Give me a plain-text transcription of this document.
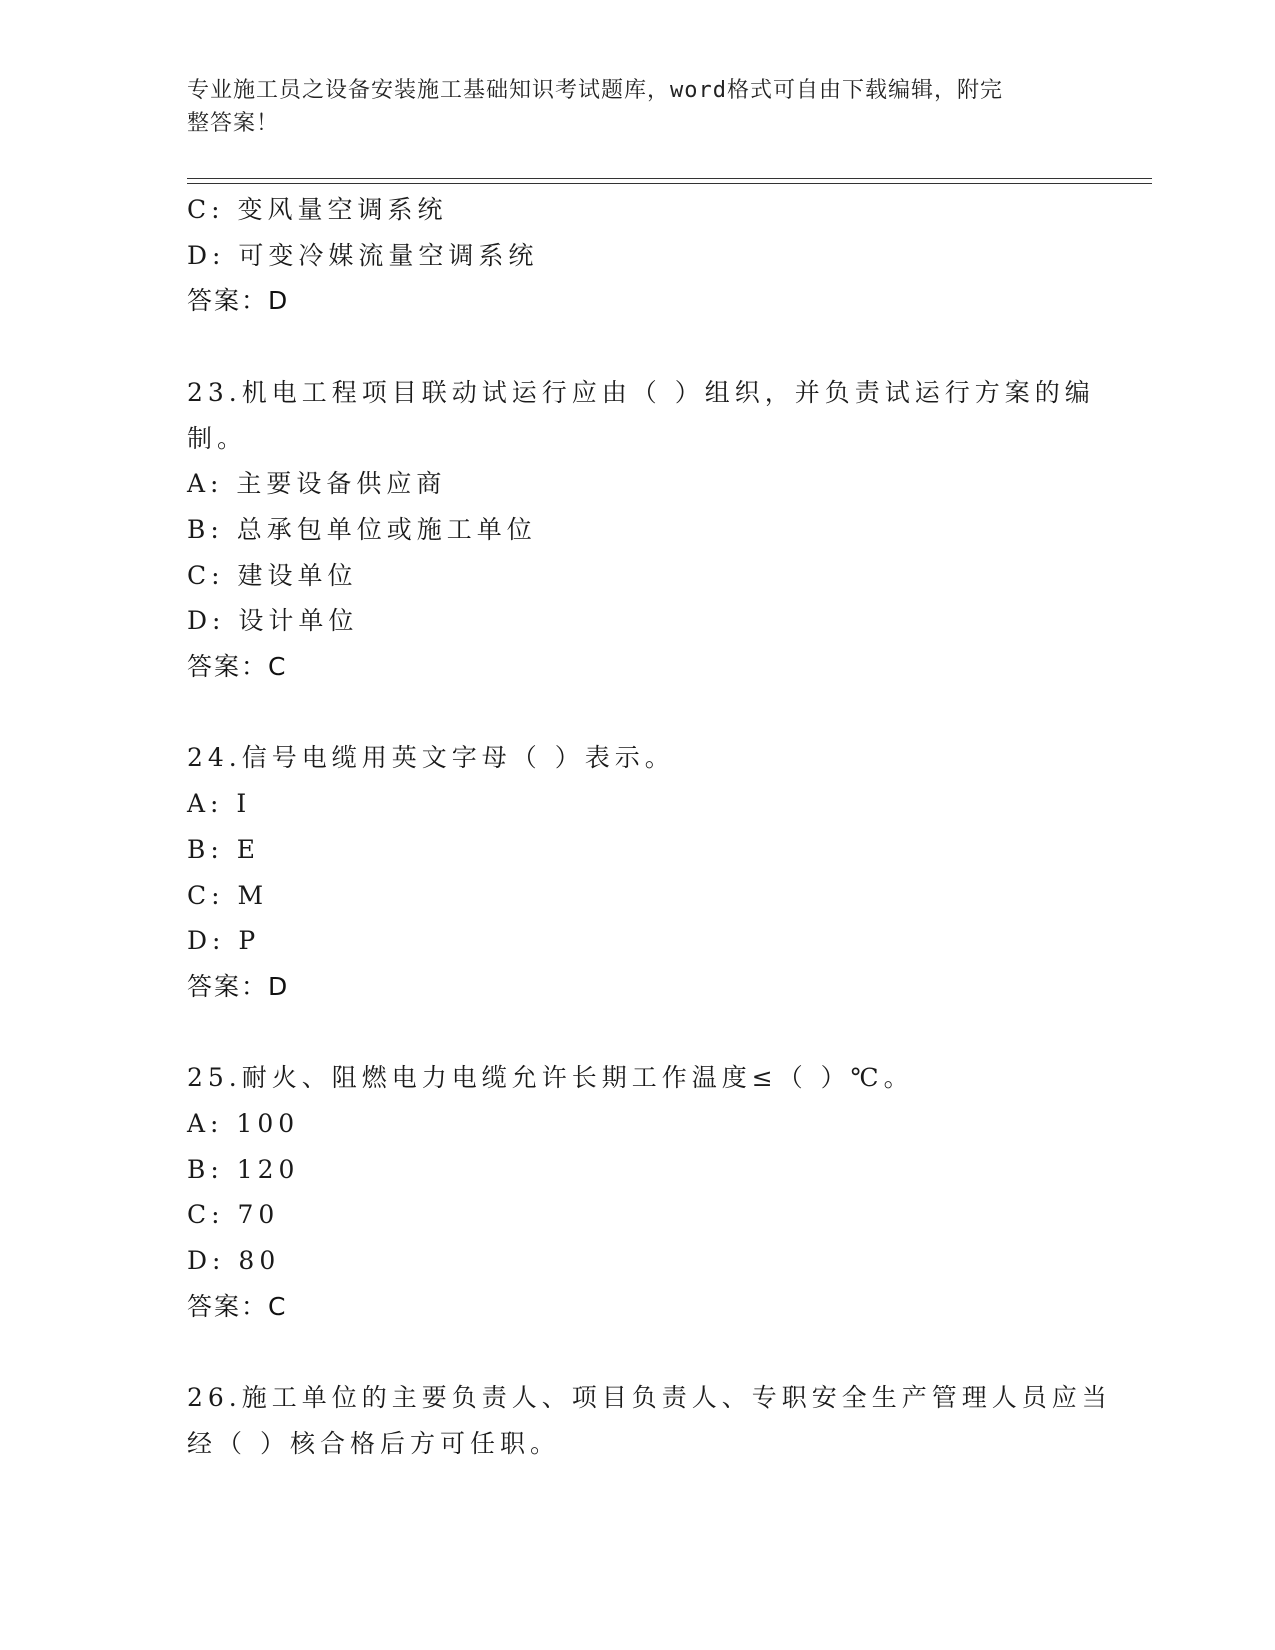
专业施工员之设备安装施工基础知识考试题库，word格式可自由下载编辑，附完
整答案！
C: 变风量空调系统
D: 可变冷媒流量空调系统
答案：D
23.机电工程项目联动试运行应由（ ）组织，并负责试运行方案的编
制。
A: 主要设备供应商
B: 总承包单位或施工单位
C: 建设单位
D: 设计单位
答案：C
24.信号电缆用英文字母（ ）表示。
A: I
B: E
C: M
D: P
答案：D
25.耐火、阻燃电力电缆允许长期工作温度≤（ ）℃。
A: 100
B: 120
C: 70
D: 80
答案：C
26.施工单位的主要负责人、项目负责人、专职安全生产管理人员应当
经（ ）核合格后方可任职。
